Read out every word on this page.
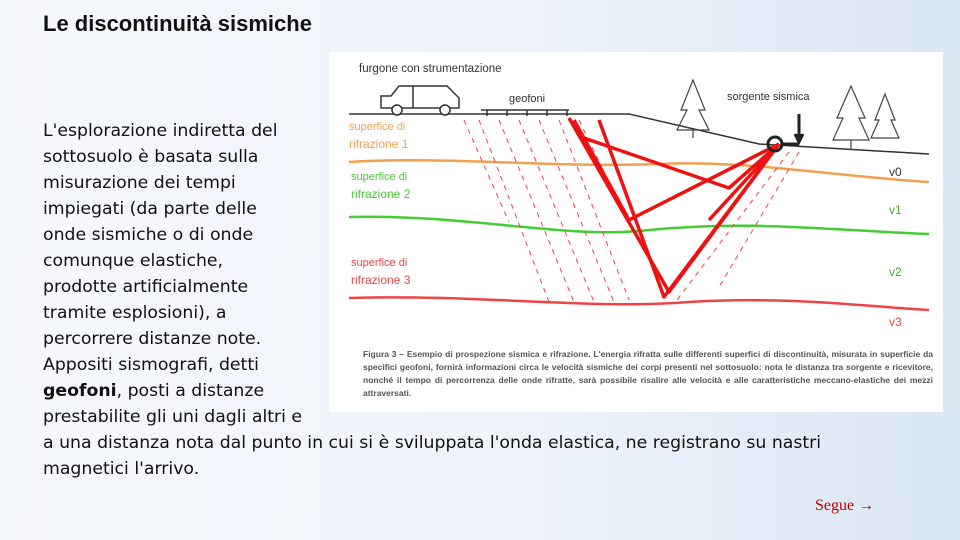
Le discontinuità sismiche
furgone con strumentazione
geofoni	sorgente sismica
superfice di
rifrazione 1
superfice di
rifrazione 2
superfice di
rifrazione 3
v0
v1
v2
v3
Figura 3 – Esempio di prospezione sismica e rifrazione. L'energia rifratta sulle differenti superfici di discontinuità, misurata in superficie da specifici geofoni, fornirà informazioni circa le velocità sismiche dei corpi presenti nel sottosuolo: nota le distanza tra sorgente e ricevitore, nonché il tempo di percorrenza delle onde rifratte, sarà possibile risalire alle velocità e alle caratteristiche meccano-elastiche dei mezzi attraversati.
L'esplorazione indiretta del
sottosuolo è basata sulla
misurazione dei tempi
impiegati (da parte delle
onde sismiche o di onde
comunque elastiche,
prodotte artificialmente
tramite esplosioni), a
percorrere distanze note.
Appositi sismografi, detti
geofoni, posti a distanze
prestabilite gli uni dagli altri e
a una distanza nota dal punto in cui si è sviluppata l'onda elastica, ne registrano su nastri
magnetici l'arrivo.
Segue →
